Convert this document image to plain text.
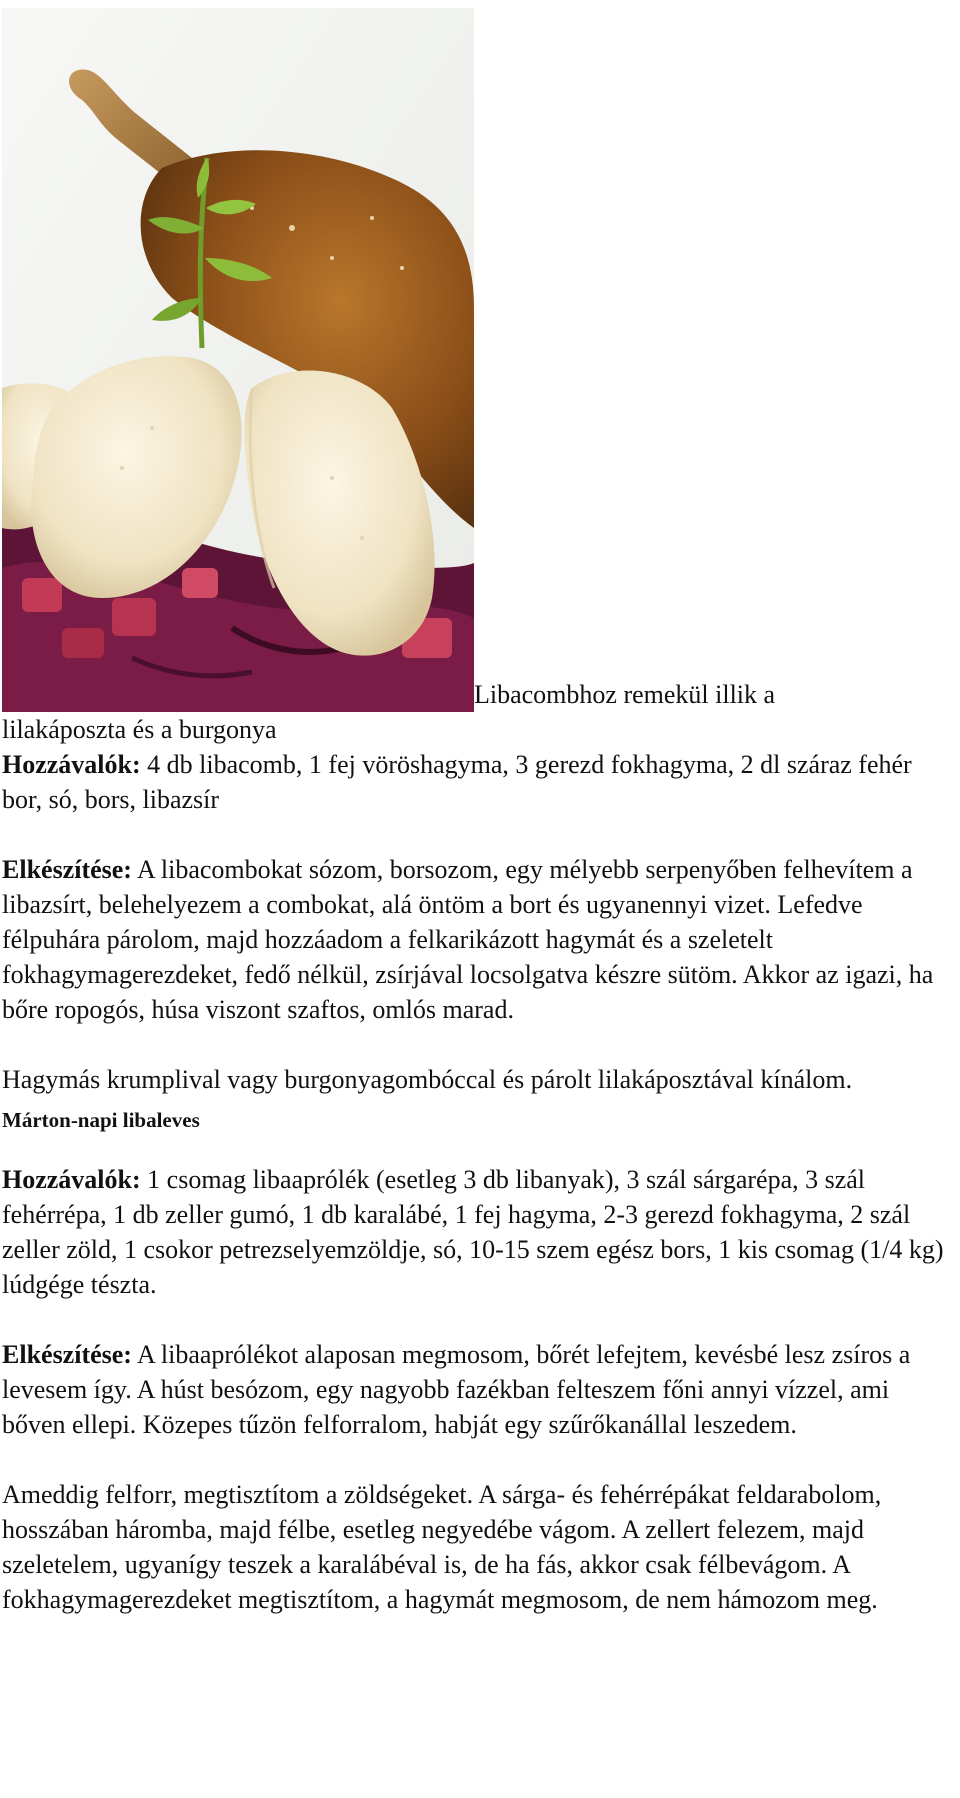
Libacombhoz remekül illik a

lilakáposzta és a burgonya

Hozzávalók: 4 db libacomb, 1 fej vöröshagyma, 3 gerezd fokhagyma, 2 dl száraz fehér bor, só, bors, libazsír

Elkészítése: A libacombokat sózom, borsozom, egy mélyebb serpenyőben felhevítem a libazsírt, belehelyezem a combokat, alá öntöm a bort és ugyanennyi vizet. Lefedve félpuhára párolom, majd hozzáadom a felkarikázott hagymát és a szeletelt fokhagymagerezdeket, fedő nélkül, zsírjával locsolgatva készre sütöm. Akkor az igazi, ha bőre ropogós, húsa viszont szaftos, omlós marad.

Hagymás krumplival vagy burgonyagombóccal és párolt lilakáposztával kínálom.

Márton-napi libaleves

Hozzávalók: 1 csomag libaaprólék (esetleg 3 db libanyak), 3 szál sárgarépa, 3 szál fehérrépa, 1 db zeller gumó, 1 db karalábé, 1 fej hagyma, 2-3 gerezd fokhagyma, 2 szál zeller zöld, 1 csokor petrezselyemzöldje, só, 10-15 szem egész bors, 1 kis csomag (1/4 kg) lúdgége tészta.

Elkészítése: A libaaprólékot alaposan megmosom, bőrét lefejtem, kevésbé lesz zsíros a levesem így. A húst besózom, egy nagyobb fazékban felteszem főni annyi vízzel, ami bőven ellepi. Közepes tűzön felforralom, habját egy szűrőkanállal leszedem.

Ameddig felforr, megtisztítom a zöldségeket. A sárga- és fehérrépákat feldarabolom, hosszában háromba, majd félbe, esetleg negyedébe vágom. A zellert felezem, majd szeletelem, ugyanígy teszek a karalábéval is, de ha fás, akkor csak félbevágom. A fokhagymagerezdeket megtisztítom, a hagymát megmosom, de nem hámozom meg.
